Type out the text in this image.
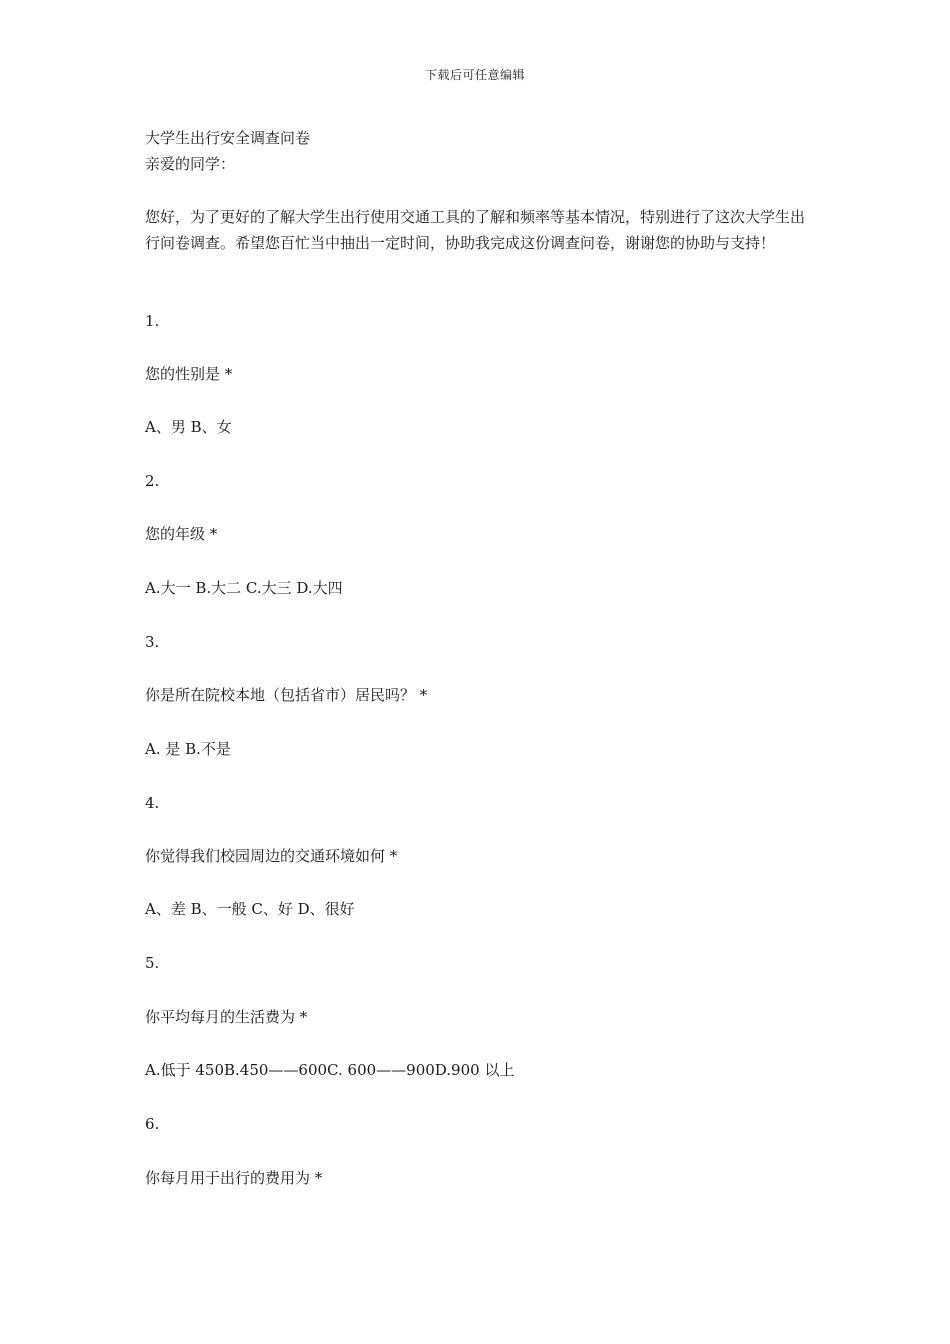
下载后可任意编辑
大学生出行安全调查问卷
亲爱的同学：
您好，为了更好的了解大学生出行使用交通工具的了解和频率等基本情况，特别进行了这次大学生出行问卷调查。希望您百忙当中抽出一定时间，协助我完成这份调查问卷，谢谢您的协助与支持！
1.
您的性别是 *
A、男 B、女
2.
您的年级 *
A.大一 B.大二 C.大三 D.大四
3.
你是所在院校本地（包括省市）居民吗？ *
A. 是 B.不是
4.
你觉得我们校园周边的交通环境如何 *
A、差 B、一般 C、好 D、很好
5.
你平均每月的生活费为 *
A.低于 450B.450——600C. 600——900D.900 以上
6.
你每月用于出行的费用为 *
